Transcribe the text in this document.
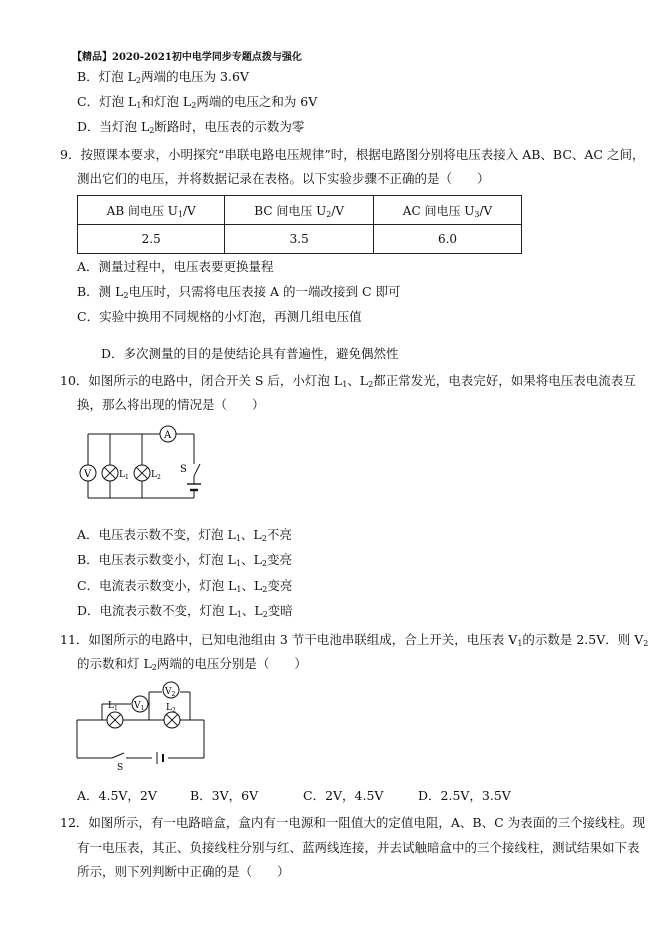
【精品】2020-2021初中电学同步专题点拨与强化
B．灯泡 $L_2$两端的电压为 3.6V
C．灯泡 $L_1$和灯泡 $L_2$两端的电压之和为 6V
D．当灯泡 $L_2$断路时，电压表的示数为零
9．按照课本要求，小明探究“串联电路电压规律”时，根据电路图分别将电压表接入 AB、BC、AC 之间，
测出它们的电压，并将数据记录在表格。以下实验步骤不正确的是（　　）
AB 间电压 $U_1/V$	BC 间电压 $U_2/V$	AC 间电压 $U_3/V$
2.5	3.5	6.0
A．测量过程中，电压表要更换量程
B．测 $L_2$电压时，只需将电压表接 A 的一端改接到 C 即可
C．实验中换用不同规格的小灯泡，再测几组电压值
D．多次测量的目的是使结论具有普遍性，避免偶然性
10．如图所示的电路中，闭合开关 S 后，小灯泡 $L_1$、$L_2$都正常发光，电表完好，如果将电压表电流表互
换，那么将出现的情况是（　　）
A
V	$L_1$ $L_2$
S
A．电压表示数不变，灯泡 $L_1$、$L_2$不亮
B．电压表示数变小，灯泡 $L_1$、$L_2$变亮
C．电流表示数变小，灯泡 $L_1$、$L_2$变亮
D．电流表示数不变，灯泡 $L_1$、$L_2$变暗
11．如图所示的电路中，已知电池组由 3 节干电池串联组成，合上开关，电压表 $V_1$的示数是 2.5V．则 $V_2$
的示数和灯 $L_2$两端的电压分别是（　　）
$V_1$
$V_2$
$L_1$	$L_2$
S
A．4.5V，2V	B．3V，6V	C．2V，4.5V	D．2.5V，3.5V
12．如图所示，有一电路暗盒，盒内有一电源和一阻值大的定值电阻，A、B、C 为表面的三个接线柱。现
有一电压表，其正、负接线柱分别与红、蓝两线连接，并去试触暗盒中的三个接线柱，测试结果如下表
所示，则下列判断中正确的是（　　）
